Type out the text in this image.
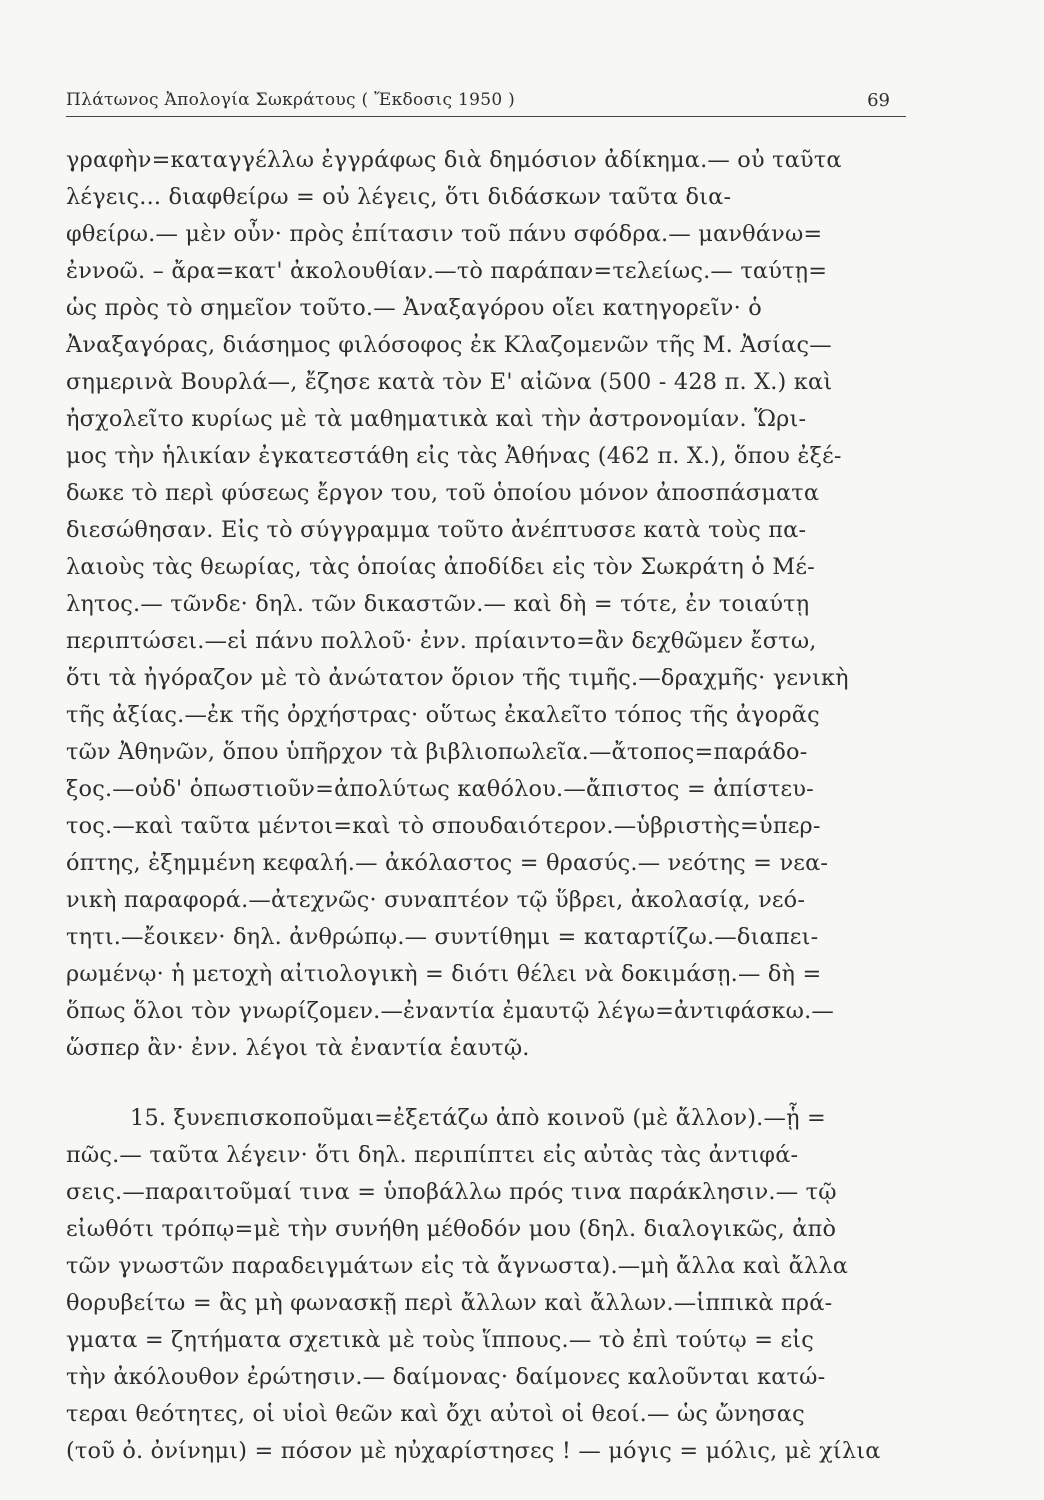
Πλάτωνος Ἀπολογία Σωκράτους ( Ἔκδοσις 1950 )	69
γραφὴν=καταγγέλλω ἐγγράφως διὰ δημόσιον ἀδίκημα.— οὐ ταῦτα
λέγεις... διαφθείρω = οὐ λέγεις, ὅτι διδάσκων ταῦτα δια-
φθείρω.— μὲν οὖν· πρὸς ἐπίτασιν τοῦ πάνυ σφόδρα.— μανθάνω=
ἐννοῶ. – ἄρα=κατ' ἀκολουθίαν.—τὸ παράπαν=τελείως.— ταύτῃ=
ὡς πρὸς τὸ σημεῖον τοῦτο.— Ἀναξαγόρου οἴει κατηγορεῖν· ὁ
Ἀναξαγόρας, διάσημος φιλόσοφος ἐκ Κλαζομενῶν τῆς Μ. Ἀσίας—
σημερινὰ Βουρλά—, ἔζησε κατὰ τὸν Ε' αἰῶνα (500 - 428 π. Χ.) καὶ
ἠσχολεῖτο κυρίως μὲ τὰ μαθηματικὰ καὶ τὴν ἀστρονομίαν. Ὥρι-
μος τὴν ἡλικίαν ἐγκατεστάθη εἰς τὰς Ἀθήνας (462 π. Χ.), ὅπου ἐξέ-
δωκε τὸ περὶ φύσεως ἔργον του, τοῦ ὁποίου μόνον ἀποσπάσματα
διεσώθησαν. Εἰς τὸ σύγγραμμα τοῦτο ἀνέπτυσσε κατὰ τοὺς πα-
λαιοὺς τὰς θεωρίας, τὰς ὁποίας ἀποδίδει εἰς τὸν Σωκράτη ὁ Μέ-
λητος.— τῶνδε· δηλ. τῶν δικαστῶν.— καὶ δὴ = τότε, ἐν τοιαύτῃ
περιπτώσει.—εἰ πάνυ πολλοῦ· ἐνν. πρίαιντο=ἂν δεχθῶμεν ἔστω,
ὅτι τὰ ἠγόραζον μὲ τὸ ἀνώτατον ὅριον τῆς τιμῆς.—δραχμῆς· γενικὴ
τῆς ἀξίας.—ἐκ τῆς ὀρχήστρας· οὕτως ἐκαλεῖτο τόπος τῆς ἀγορᾶς
τῶν Ἀθηνῶν, ὅπου ὑπῆρχον τὰ βιβλιοπωλεῖα.—ἄτοπος=παράδο-
ξος.—οὐδ' ὁπωστιοῦν=ἀπολύτως καθόλου.—ἄπιστος = ἀπίστευ-
τος.—καὶ ταῦτα μέντοι=καὶ τὸ σπουδαιότερον.—ὑβριστὴς=ὑπερ-
όπτης, ἐξημμένη κεφαλή.— ἀκόλαστος = θρασύς.— νεότης = νεα-
νικὴ παραφορά.—ἀτεχνῶς· συναπτέον τῷ ὕβρει, ἀκολασίᾳ, νεό-
τητι.—ἔοικεν· δηλ. ἀνθρώπῳ.— συντίθημι = καταρτίζω.—διαπει-
ρωμένῳ· ἡ μετοχὴ αἰτιολογικὴ = διότι θέλει νὰ δοκιμάσῃ.— δὴ =
ὅπως ὅλοι τὸν γνωρίζομεν.—ἐναντία ἐμαυτῷ λέγω=ἀντιφάσκω.—
ὥσπερ ἂν· ἐνν. λέγοι τὰ ἐναντία ἑαυτῷ.
15. ξυνεπισκοποῦμαι=ἐξετάζω ἀπὸ κοινοῦ (μὲ ἄλλον).—ᾗ =
πῶς.— ταῦτα λέγειν· ὅτι δηλ. περιπίπτει εἰς αὐτὰς τὰς ἀντιφά-
σεις.—παραιτοῦμαί τινα = ὑποβάλλω πρός τινα παράκλησιν.— τῷ
εἰωθότι τρόπῳ=μὲ τὴν συνήθη μέθοδόν μου (δηλ. διαλογικῶς, ἀπὸ
τῶν γνωστῶν παραδειγμάτων εἰς τὰ ἄγνωστα).—μὴ ἄλλα καὶ ἄλλα
θορυβείτω = ἂς μὴ φωνασκῇ περὶ ἄλλων καὶ ἄλλων.—ἱππικὰ πρά-
γματα = ζητήματα σχετικὰ μὲ τοὺς ἵππους.— τὸ ἐπὶ τούτῳ = εἰς
τὴν ἀκόλουθον ἐρώτησιν.— δαίμονας· δαίμονες καλοῦνται κατώ-
τεραι θεότητες, οἱ υἱοὶ θεῶν καὶ ὄχι αὐτοὶ οἱ θεοί.— ὡς ὤνησας
(τοῦ ὀ. ὀνίνημι) = πόσον μὲ ηὐχαρίστησες ! — μόγις = μόλις, μὲ χίλια
